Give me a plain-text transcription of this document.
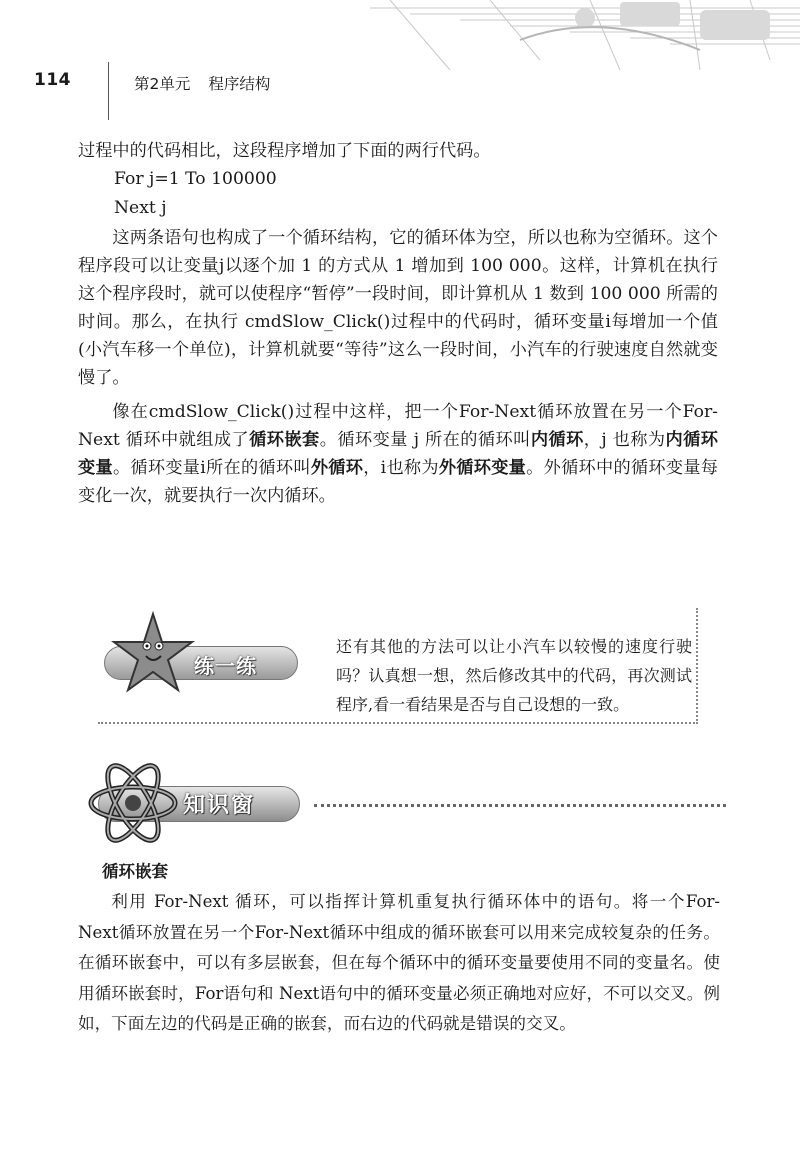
114	第2单元 程序结构

过程中的代码相比，这段程序增加了下面的两行代码。

For j=1 To 100000

Next j

这两条语句也构成了一个循环结构，它的循环体为空，所以也称为空循环。这个程序段可以让变量j以逐个加 1 的方式从 1 增加到 100 000。这样，计算机在执行这个程序段时，就可以使程序“暂停”一段时间，即计算机从 1 数到 100 000 所需的时间。那么，在执行 cmdSlow_Click()过程中的代码时，循环变量i每增加一个值(小汽车移一个单位)，计算机就要“等待”这么一段时间，小汽车的行驶速度自然就变慢了。

像在cmdSlow_Click()过程中这样，把一个For-Next循环放置在另一个For-Next 循环中就组成了循环嵌套。循环变量 j 所在的循环叫内循环，j 也称为内循环变量。循环变量i所在的循环叫外循环，i也称为外循环变量。外循环中的循环变量每变化一次，就要执行一次内循环。

练一练
还有其他的方法可以让小汽车以较慢的速度行驶吗？认真想一想，然后修改其中的代码，再次测试程序,看一看结果是否与自己设想的一致。
知识窗
循环嵌套

利用 For-Next 循环，可以指挥计算机重复执行循环体中的语句。将一个For- Next循环放置在另一个For-Next循环中组成的循环嵌套可以用来完成较复杂的任务。在循环嵌套中，可以有多层嵌套，但在每个循环中的循环变量要使用不同的变量名。使用循环嵌套时，For语句和 Next语句中的循环变量必须正确地对应好，不可以交叉。例如，下面左边的代码是正确的嵌套，而右边的代码就是错误的交叉。
